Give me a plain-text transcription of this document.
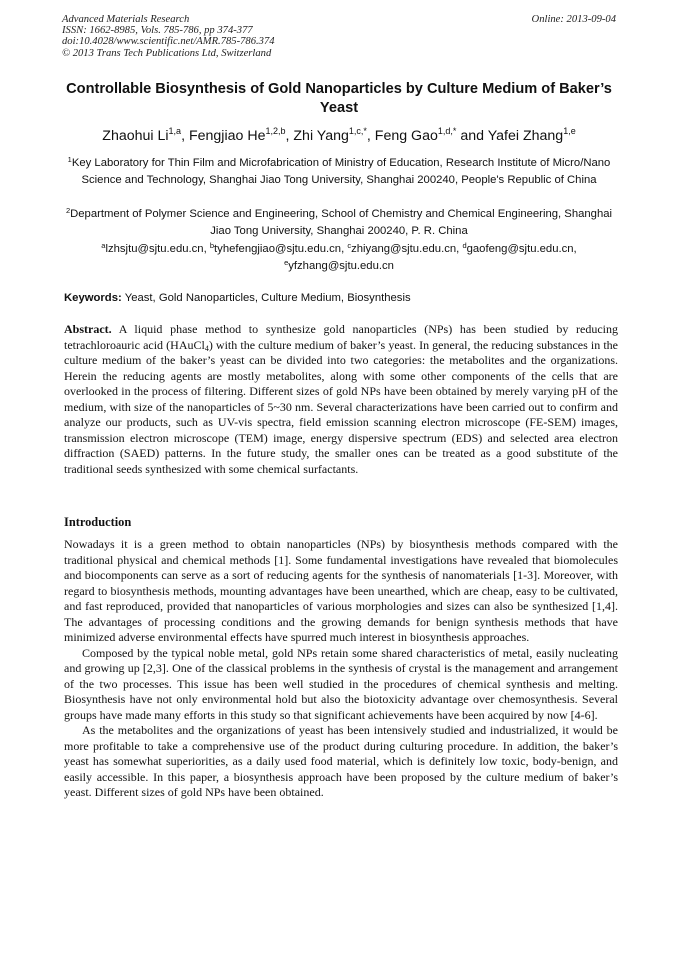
Advanced Materials Research
ISSN: 1662-8985, Vols. 785-786, pp 374-377
doi:10.4028/www.scientific.net/AMR.785-786.374
© 2013 Trans Tech Publications Ltd, Switzerland
Online: 2013-09-04
Controllable Biosynthesis of Gold Nanoparticles by Culture Medium of Baker’s Yeast
Zhaohui Li$^{1,a}$, Fengjiao He$^{1,2,b}$, Zhi Yang$^{1,c,*}$, Feng Gao$^{1,d,*}$ and Yafei Zhang$^{1,e}$
$^1$Key Laboratory for Thin Film and Microfabrication of Ministry of Education, Research Institute of Micro/Nano Science and Technology, Shanghai Jiao Tong University, Shanghai 200240, People's Republic of China
$^2$Department of Polymer Science and Engineering, School of Chemistry and Chemical Engineering, Shanghai Jiao Tong University, Shanghai 200240, P. R. China
$^a$lzhsjtu@sjtu.edu.cn, $^b$tyhefengjiao@sjtu.edu.cn, $^c$zhiyang@sjtu.edu.cn, $^d$gaofeng@sjtu.edu.cn,
$^e$yfzhang@sjtu.edu.cn
Keywords: Yeast, Gold Nanoparticles, Culture Medium, Biosynthesis
Abstract. A liquid phase method to synthesize gold nanoparticles (NPs) has been studied by reducing tetrachloroauric acid (HAuCl$_4$) with the culture medium of baker’s yeast. In general, the reducing substances in the culture medium of the baker’s yeast can be divided into two categories: the metabolites and the organizations. Herein the reducing agents are mostly metabolites, along with some other components of the cells that are overlooked in the process of filtering. Different sizes of gold NPs have been obtained by merely varying pH of the medium, with size of the nanoparticles of 5~30 nm. Several characterizations have been carried out to confirm and analyze our products, such as UV-vis spectra, field emission scanning electron microscope (FE-SEM) images, transmission electron microscope (TEM) image, energy dispersive spectrum (EDS) and selected area electron diffraction (SAED) patterns. In the future study, the smaller ones can be treated as a good substitute of the traditional seeds synthesized with some chemical surfactants.
Introduction

Nowadays it is a green method to obtain nanoparticles (NPs) by biosynthesis methods compared with the traditional physical and chemical methods [1]. Some fundamental investigations have revealed that biomolecules and biocomponents can serve as a sort of reducing agents for the synthesis of nanomaterials [1-3]. Moreover, with regard to biosynthesis methods, mounting advantages have been unearthed, which are cheap, easy to be cultivated, and fast reproduced, provided that nanoparticles of various morphologies and sizes can also be synthesized [1,4]. The advantages of processing conditions and the growing demands for benign synthesis methods that have minimized adverse environmental effects have spurred much interest in biosynthesis approaches.

Composed by the typical noble metal, gold NPs retain some shared characteristics of metal, easily nucleating and growing up [2,3]. One of the classical problems in the synthesis of crystal is the management and arrangement of the two processes. This issue has been well studied in the procedures of chemical synthesis and melting. Biosynthesis have not only environmental hold but also the biotoxicity advantage over chemosynthesis. Several groups have made many efforts in this study so that significant achievements have been acquired by now [4-6].

As the metabolites and the organizations of yeast has been intensively studied and industrialized, it would be more profitable to take a comprehensive use of the product during culturing procedure. In addition, the baker’s yeast has somewhat superiorities, as a daily used food material, which is definitely low toxic, body-benign, and easily accessible. In this paper, a biosynthesis approach have been proposed by the culture medium of baker’s yeast. Different sizes of gold NPs have been obtained.
